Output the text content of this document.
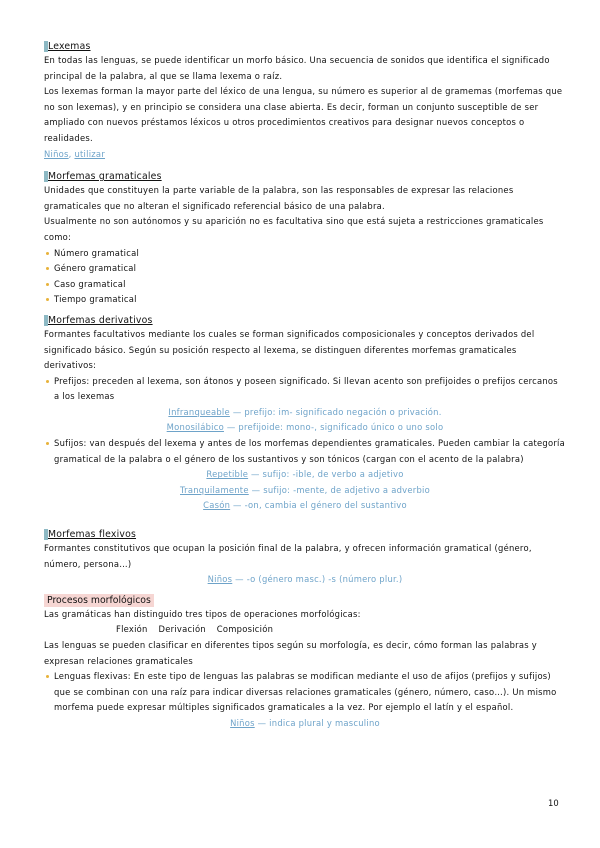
Lexemas

En todas las lenguas, se puede identificar un morfo básico. Una secuencia de sonidos que identifica el significado principal de la palabra, al que se llama lexema o raíz.

Los lexemas forman la mayor parte del léxico de una lengua, su número es superior al de gramemas (morfemas que no son lexemas), y en principio se considera una clase abierta. Es decir, forman un conjunto susceptible de ser ampliado con nuevos préstamos léxicos u otros procedimientos creativos para designar nuevos conceptos o realidades.

Niños, utilizar

Morfemas gramaticales

Unidades que constituyen la parte variable de la palabra, son las responsables de expresar las relaciones gramaticales que no alteran el significado referencial básico de una palabra.

Usualmente no son autónomos y su aparición no es facultativa sino que está sujeta a restricciones gramaticales como:

Número gramatical
Género gramatical
Caso gramatical
Tiempo gramatical
Morfemas derivativos

Formantes facultativos mediante los cuales se forman significados composicionales y conceptos derivados del significado básico. Según su posición respecto al lexema, se distinguen diferentes morfemas gramaticales derivativos:

Prefijos: preceden al lexema, son átonos y poseen significado. Si llevan acento son prefijoides o prefijos cercanos a los lexemas

Infranqueable — prefijo: im- significado negación o privación.

Monosilábico — prefijoide: mono-, significado único o uno solo

Sufijos: van después del lexema y antes de los morfemas dependientes gramaticales. Pueden cambiar la categoría gramatical de la palabra o el género de los sustantivos y son tónicos (cargan con el acento de la palabra)

Repetible — sufijo: -ible, de verbo a adjetivo

Tranquilamente — sufijo: -mente, de adjetivo a adverbio

Casón — -on, cambia el género del sustantivo

Morfemas flexivos

Formantes constitutivos que ocupan la posición final de la palabra, y ofrecen información gramatical (género, número, persona…)

Niños — -o (género masc.) -s (número plur.)

Procesos morfológicos

Las gramáticas han distinguido tres tipos de operaciones morfológicas:

Flexión Derivación Composición

Las lenguas se pueden clasificar en diferentes tipos según su morfología, es decir, cómo forman las palabras y expresan relaciones gramaticales

Lenguas flexivas: En este tipo de lenguas las palabras se modifican mediante el uso de afijos (prefijos y sufijos) que se combinan con una raíz para indicar diversas relaciones gramaticales (género, número, caso…). Un mismo morfema puede expresar múltiples significados gramaticales a la vez. Por ejemplo el latín y el español.

Niños — indica plural y masculino

10
